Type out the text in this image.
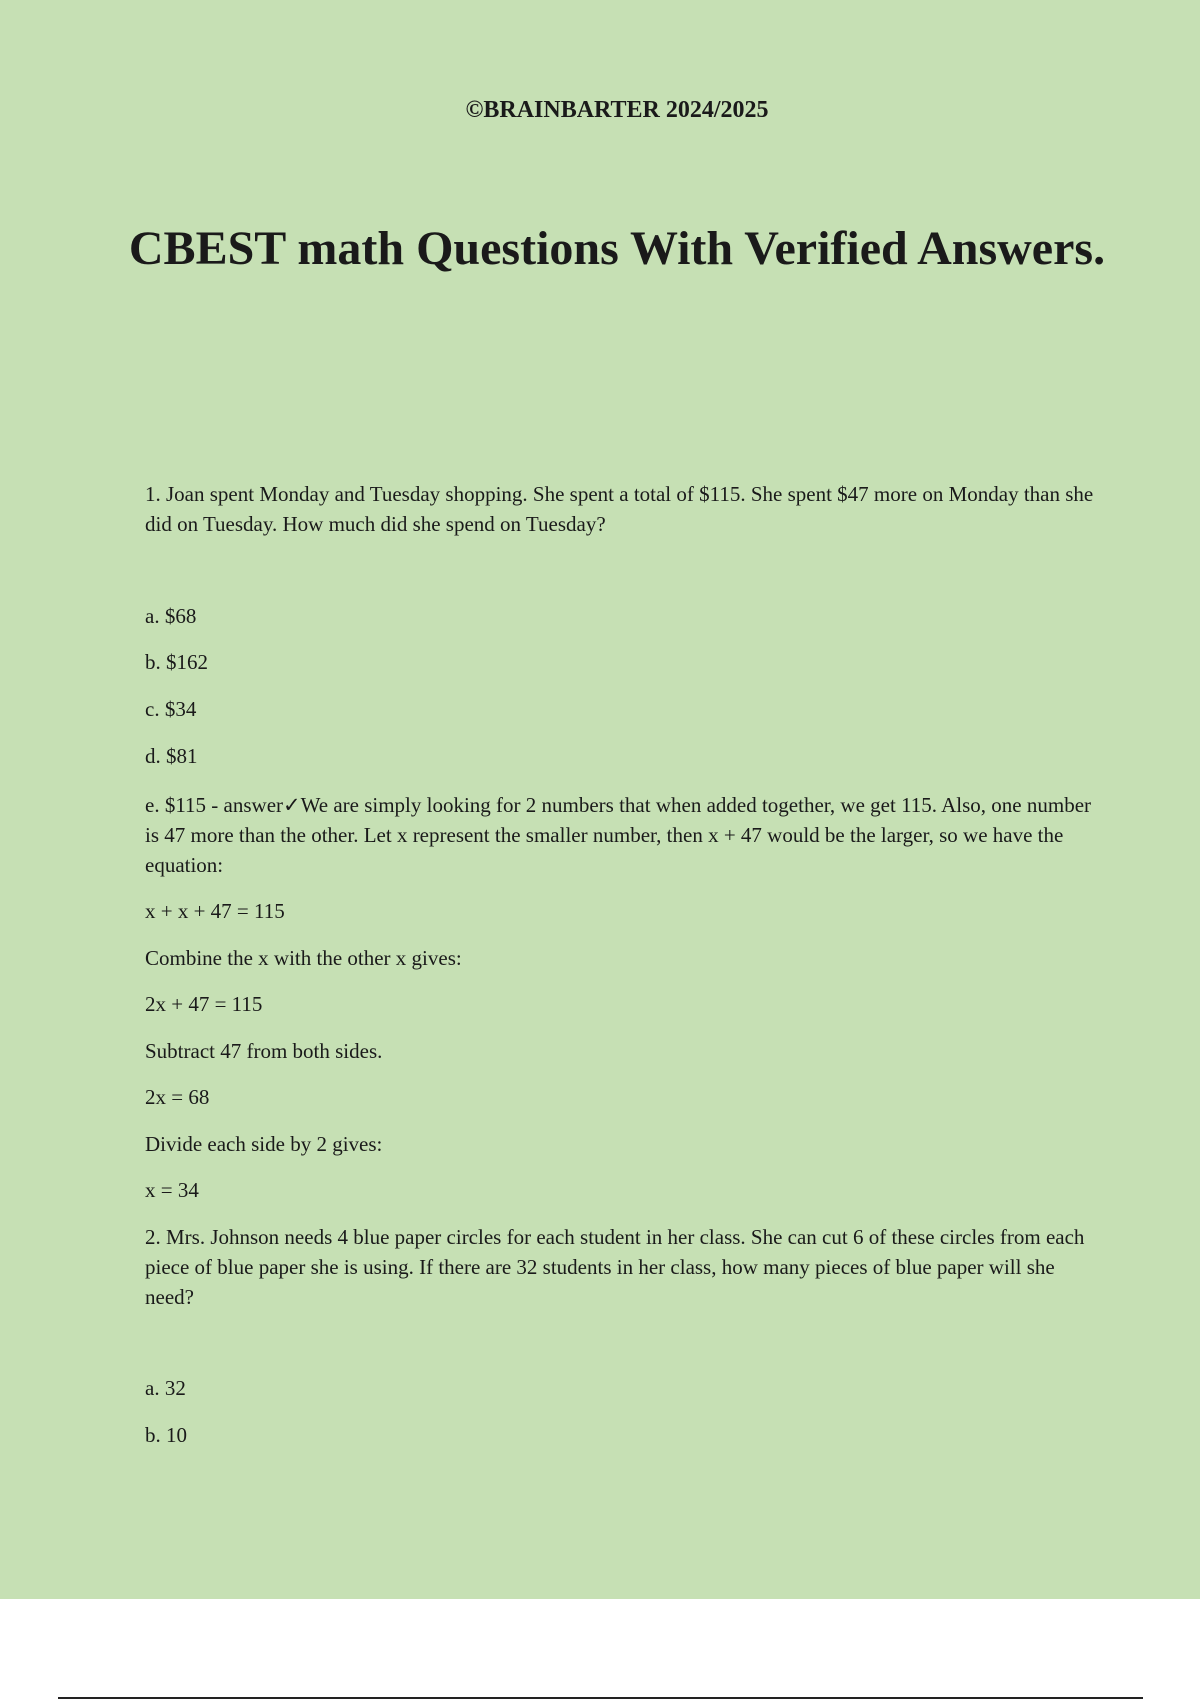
©BRAINBARTER 2024/2025
CBEST math Questions With Verified Answers.

1. Joan spent Monday and Tuesday shopping. She spent a total of $115. She spent $47 more on Monday than she did on Tuesday. How much did she spend on Tuesday?

a. $68

b. $162

c. $34

d. $81

e. $115 - answer✓We are simply looking for 2 numbers that when added together, we get 115. Also, one number is 47 more than the other. Let x represent the smaller number, then x + 47 would be the larger, so we have the equation:

x + x + 47 = 115

Combine the x with the other x gives:

2x + 47 = 115

Subtract 47 from both sides.

2x = 68

Divide each side by 2 gives:

x = 34

2. Mrs. Johnson needs 4 blue paper circles for each student in her class. She can cut 6 of these circles from each piece of blue paper she is using. If there are 32 students in her class, how many pieces of blue paper will she need?

a. 32

b. 10
